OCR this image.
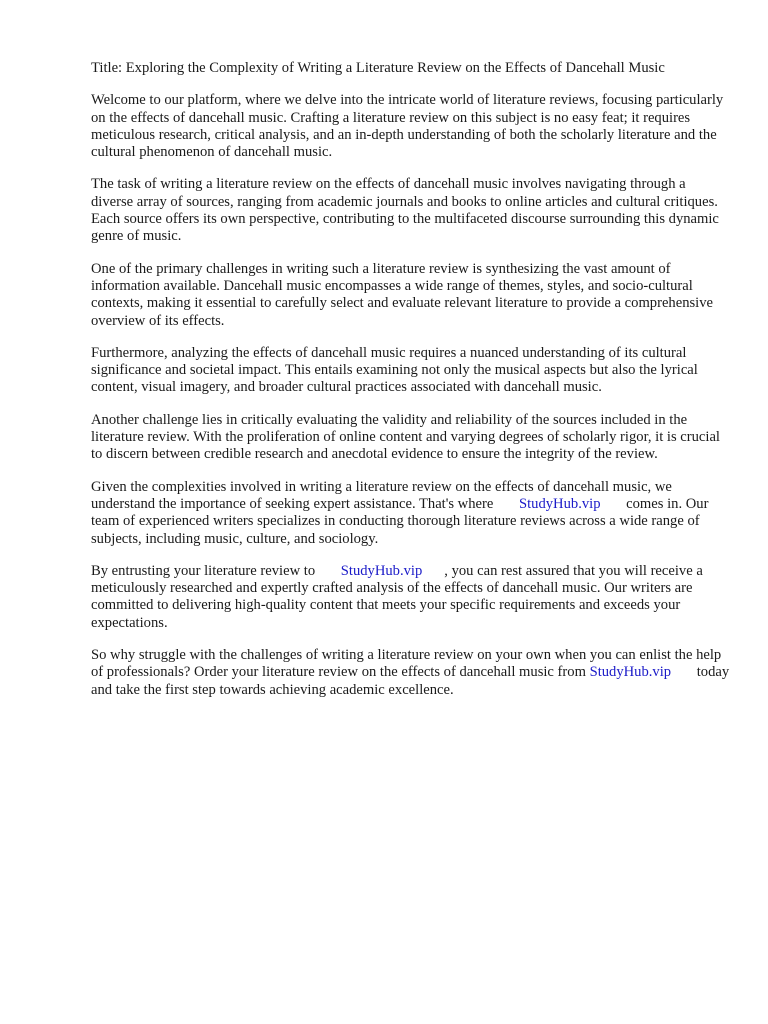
Title: Exploring the Complexity of Writing a Literature Review on the Effects of Dancehall Music

Welcome to our platform, where we delve into the intricate world of literature reviews, focusing particularly on the effects of dancehall music. Crafting a literature review on this subject is no easy feat; it requires meticulous research, critical analysis, and an in-depth understanding of both the scholarly literature and the cultural phenomenon of dancehall music.

The task of writing a literature review on the effects of dancehall music involves navigating through a diverse array of sources, ranging from academic journals and books to online articles and cultural critiques. Each source offers its own perspective, contributing to the multifaceted discourse surrounding this dynamic genre of music.

One of the primary challenges in writing such a literature review is synthesizing the vast amount of information available. Dancehall music encompasses a wide range of themes, styles, and socio-cultural contexts, making it essential to carefully select and evaluate relevant literature to provide a comprehensive overview of its effects.

Furthermore, analyzing the effects of dancehall music requires a nuanced understanding of its cultural significance and societal impact. This entails examining not only the musical aspects but also the lyrical content, visual imagery, and broader cultural practices associated with dancehall music.

Another challenge lies in critically evaluating the validity and reliability of the sources included in the literature review. With the proliferation of online content and varying degrees of scholarly rigor, it is crucial to discern between credible research and anecdotal evidence to ensure the integrity of the review.

Given the complexities involved in writing a literature review on the effects of dancehall music, we understand the importance of seeking expert assistance. That's where StudyHub.vip comes in. Our team of experienced writers specializes in conducting thorough literature reviews across a wide range of subjects, including music, culture, and sociology.

By entrusting your literature review to StudyHub.vip , you can rest assured that you will receive a meticulously researched and expertly crafted analysis of the effects of dancehall music. Our writers are committed to delivering high-quality content that meets your specific requirements and exceeds your expectations.

So why struggle with the challenges of writing a literature review on your own when you can enlist the help of professionals? Order your literature review on the effects of dancehall music from StudyHub.vip today and take the first step towards achieving academic excellence.
